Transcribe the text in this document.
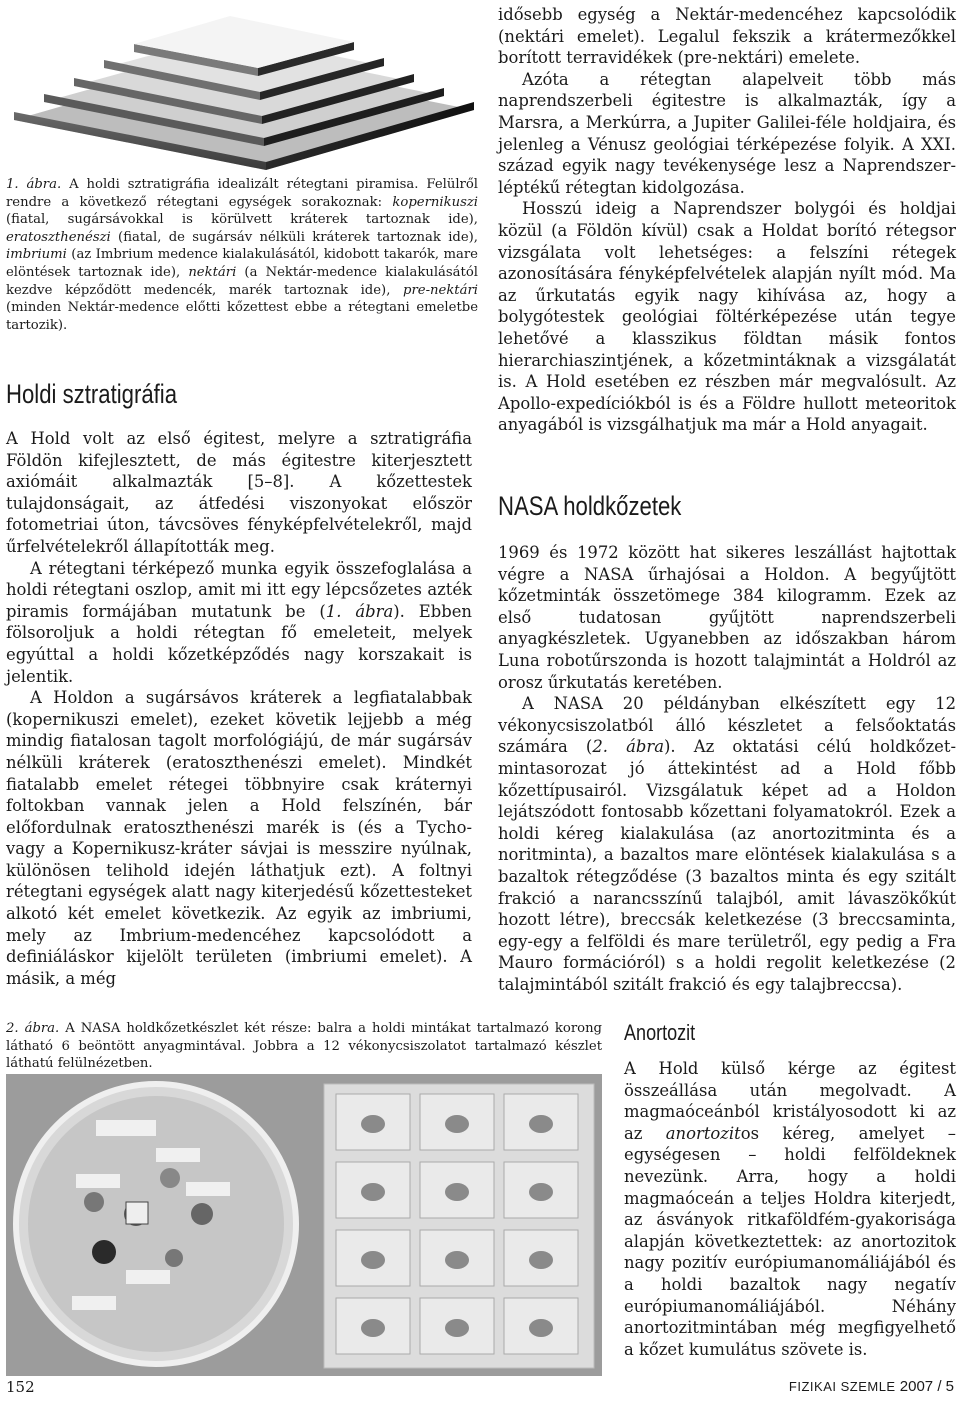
1. ábra. A holdi sztratigráfia idealizált rétegtani piramisa. Felülről rendre a következő rétegtani egységek sorakoznak: kopernikuszi (fiatal, sugársávokkal is körülvett kráterek tartoznak ide), eratoszthenészi (fiatal, de sugársáv nélküli kráterek tartoznak ide), imbriumi (az Imbrium medence kialakulásától, kidobott takarók, mare elöntések tartoznak ide), nektári (a Nektár-medence kialakulásától kezdve képződött medencék, marék tartoznak ide), pre-nektári (minden Nektár-medence előtti kőzettest ebbe a rétegtani emeletbe tartozik).
Holdi sztratigráfia

A Hold volt az első égitest, melyre a sztratigráfia Földön kifejlesztett, de más égitestre kiterjesztett axiómáit alkalmazták [5–8]. A kőzettestek tulajdonságait, az átfedési viszonyokat először fotometriai úton, távcsöves fényképfelvételekről, majd űrfelvételekről állapították meg.

A rétegtani térképező munka egyik összefoglalása a holdi rétegtani oszlop, amit mi itt egy lépcsőzetes azték piramis formájában mutatunk be (1. ábra). Ebben fölsoroljuk a holdi rétegtan fő emeleteit, melyek egyúttal a holdi kőzetképződés nagy korszakait is jelentik.

A Holdon a sugársávos kráterek a legfiatalabbak (kopernikuszi emelet), ezeket követik lejjebb a még mindig fiatalosan tagolt morfológiájú, de már sugársáv nélküli kráterek (eratoszthenészi emelet). Mindkét fiatalabb emelet rétegei többnyire csak kráternyi foltokban vannak jelen a Hold felszínén, bár előfordulnak eratoszthenészi marék is (és a Tycho- vagy a Kopernikusz-kráter sávjai is messzire nyúlnak, különösen telihold idején láthatjuk ezt). A foltnyi rétegtani egységek alatt nagy kiterjedésű kőzettesteket alkotó két emelet következik. Az egyik az imbriumi, mely az Imbrium-medencéhez kapcsolódott a definiáláskor kijelölt területen (imbriumi emelet). A másik, a még

idősebb egység a Nektár-medencéhez kapcsolódik (nektári emelet). Legalul fekszik a krátermezőkkel borított terravidékek (pre-nektári) emelete.

Azóta a rétegtan alapelveit több más naprendszerbeli égitestre is alkalmazták, így a Marsra, a Merkúrra, a Jupiter Galilei-féle holdjaira, és jelenleg a Vénusz geológiai térképezése folyik. A XXI. század egyik nagy tevékenysége lesz a Naprendszer-léptékű rétegtan kidolgozása.

Hosszú ideig a Naprendszer bolygói és holdjai közül (a Földön kívül) csak a Holdat borító rétegsor vizsgálata volt lehetséges: a felszíni rétegek azonosítására fényképfelvételek alapján nyílt mód. Ma az űrkutatás egyik nagy kihívása az, hogy a bolygótestek geológiai föltérképezése után tegye lehetővé a klasszikus földtan másik fontos hierarchiaszintjének, a kőzetmintáknak a vizsgálatát is. A Hold esetében ez részben már megvalósult. Az Apollo-expedíciókból is és a Földre hullott meteoritok anyagából is vizsgálhatjuk ma már a Hold anyagait.

NASA holdkőzetek

1969 és 1972 között hat sikeres leszállást hajtottak végre a NASA űrhajósai a Holdon. A begyűjtött kőzetminták összetömege 384 kilogramm. Ezek az első tudatosan gyűjtött naprendszerbeli anyagkészletek. Ugyanebben az időszakban három Luna robotűrszonda is hozott talajmintát a Holdról az orosz űrkutatás keretében.

A NASA 20 példányban elkészített egy 12 vékonycsiszolatból álló készletet a felsőoktatás számára (2. ábra). Az oktatási célú holdkőzet-mintasorozat jó áttekintést ad a Hold főbb kőzettípusairól. Vizsgálatuk képet ad a Holdon lejátszódott fontosabb kőzettani folyamatokról. Ezek a holdi kéreg kialakulása (az anortozitminta és a noritminta), a bazaltos mare elöntések kialakulása s a bazaltok rétegződése (3 bazaltos minta és egy szitált frakció a narancsszínű talajból, amit lávaszökőkút hozott létre), breccsák keletkezése (3 breccsaminta, egy-egy a felföldi és mare területről, egy pedig a Fra Mauro formációról) s a holdi regolit keletkezése (2 talajmintából szitált frakció és egy talajbreccsa).

2. ábra. A NASA holdkőzetkészlet két része: balra a holdi mintákat tartalmazó korong látható 6 beöntött anyagmintával. Jobbra a 12 vékonycsiszolatot tartalmazó készlet láthatú felülnézetben.
Anortozit

A Hold külső kérge az égitest összeállása után megolvadt. A magmaóceánból kristályosodott ki az az anortozitos kéreg, amelyet – egységesen – holdi felföldeknek nevezünk. Arra, hogy a holdi magmaóceán a teljes Holdra kiterjedt, az ásványok ritkaföldfém-gyakorisága alapján következtettek: az anortozitok nagy pozitív európiumanomáliájából és a holdi bazaltok nagy negatív európiumanomáliájából. Néhány anortozitmintában még megfigyelhető a kőzet kumulátus szövete is.

152	FIZIKAI SZEMLE 2007 / 5
